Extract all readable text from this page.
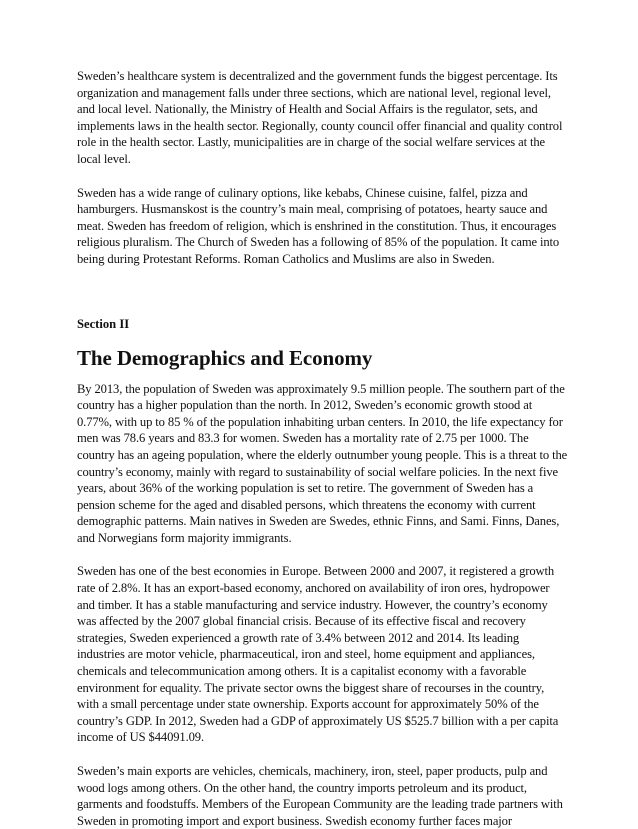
Sweden’s healthcare system is decentralized and the government funds the biggest percentage. Its organization and management falls under three sections, which are national level, regional level, and local level. Nationally, the Ministry of Health and Social Affairs is the regulator, sets, and implements laws in the health sector. Regionally, county council offer financial and quality control role in the health sector. Lastly, municipalities are in charge of the social welfare services at the local level.

Sweden has a wide range of culinary options, like kebabs, Chinese cuisine, falfel, pizza and hamburgers. Husmanskost is the country’s main meal, comprising of potatoes, hearty sauce and meat. Sweden has freedom of religion, which is enshrined in the constitution. Thus, it encourages religious pluralism. The Church of Sweden has a following of 85% of the population. It came into being during Protestant Reforms. Roman Catholics and Muslims are also in Sweden.

Section II
The Demographics and Economy

By 2013, the population of Sweden was approximately 9.5 million people. The southern part of the country has a higher population than the north. In 2012, Sweden’s economic growth stood at 0.77%, with up to 85 % of the population inhabiting urban centers. In 2010, the life expectancy for men was 78.6 years and 83.3 for women. Sweden has a mortality rate of 2.75 per 1000. The country has an ageing population, where the elderly outnumber young people. This is a threat to the country’s economy, mainly with regard to sustainability of social welfare policies. In the next five years, about 36% of the working population is set to retire. The government of Sweden has a pension scheme for the aged and disabled persons, which threatens the economy with current demographic patterns. Main natives in Sweden are Swedes, ethnic Finns, and Sami. Finns, Danes, and Norwegians form majority immigrants.

Sweden has one of the best economies in Europe. Between 2000 and 2007, it registered a growth rate of 2.8%. It has an export-based economy, anchored on availability of iron ores, hydropower and timber. It has a stable manufacturing and service industry. However, the country’s economy was affected by the 2007 global financial crisis. Because of its effective fiscal and recovery strategies, Sweden experienced a growth rate of 3.4% between 2012 and 2014. Its leading industries are motor vehicle, pharmaceutical, iron and steel, home equipment and appliances, chemicals and telecommunication among others. It is a capitalist economy with a favorable environment for equality. The private sector owns the biggest share of recourses in the country, with a small percentage under state ownership. Exports account for approximately 50% of the country’s GDP. In 2012, Sweden had a GDP of approximately US $525.7 billion with a per capita income of US $44091.09.

Sweden’s main exports are vehicles, chemicals, machinery, iron, steel, paper products, pulp and wood logs among others. On the other hand, the country imports petroleum and its product, garments and foodstuffs. Members of the European Community are the leading trade partners with Sweden in promoting import and export business. Swedish economy further faces major
